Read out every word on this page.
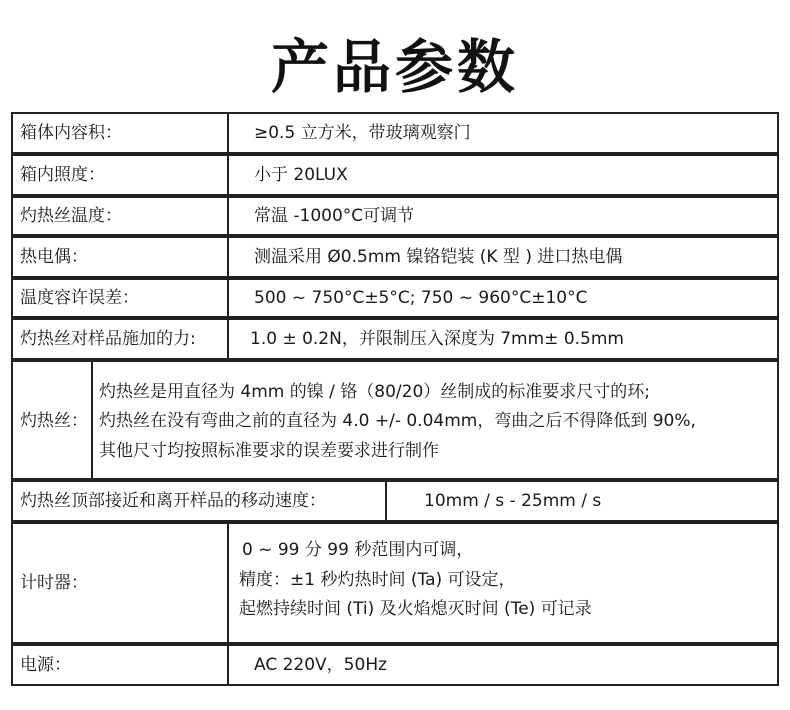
产品参数
箱体内容积：	≥0.5 立方米，带玻璃观察门
箱内照度：	小于 20LUX
灼热丝温度：	常温 -1000°C可调节
热电偶：	测温采用 Ø0.5mm 镍铬铠装 (K 型 ) 进口热电偶
温度容许误差：	500 ~ 750°C±5°C; 750 ~ 960°C±10°C
灼热丝对样品施加的力:	1.0 ± 0.2N，并限制压入深度为 7mm± 0.5mm
灼热丝：
灼热丝是用直径为 4mm 的镍 / 铬（80/20）丝制成的标准要求尺寸的环;
灼热丝在没有弯曲之前的直径为 4.0 +/- 0.04mm，弯曲之后不得降低到 90%,
其他尺寸均按照标准要求的误差要求进行制作
灼热丝顶部接近和离开样品的移动速度：	10mm / s - 25mm / s
计时器：
0 ~ 99 分 99 秒范围内可调，
精度：±1 秒灼热时间 (Ta) 可设定，
起燃持续时间 (Ti) 及火焰熄灭时间 (Te) 可记录
电源：	AC 220V，50Hz
